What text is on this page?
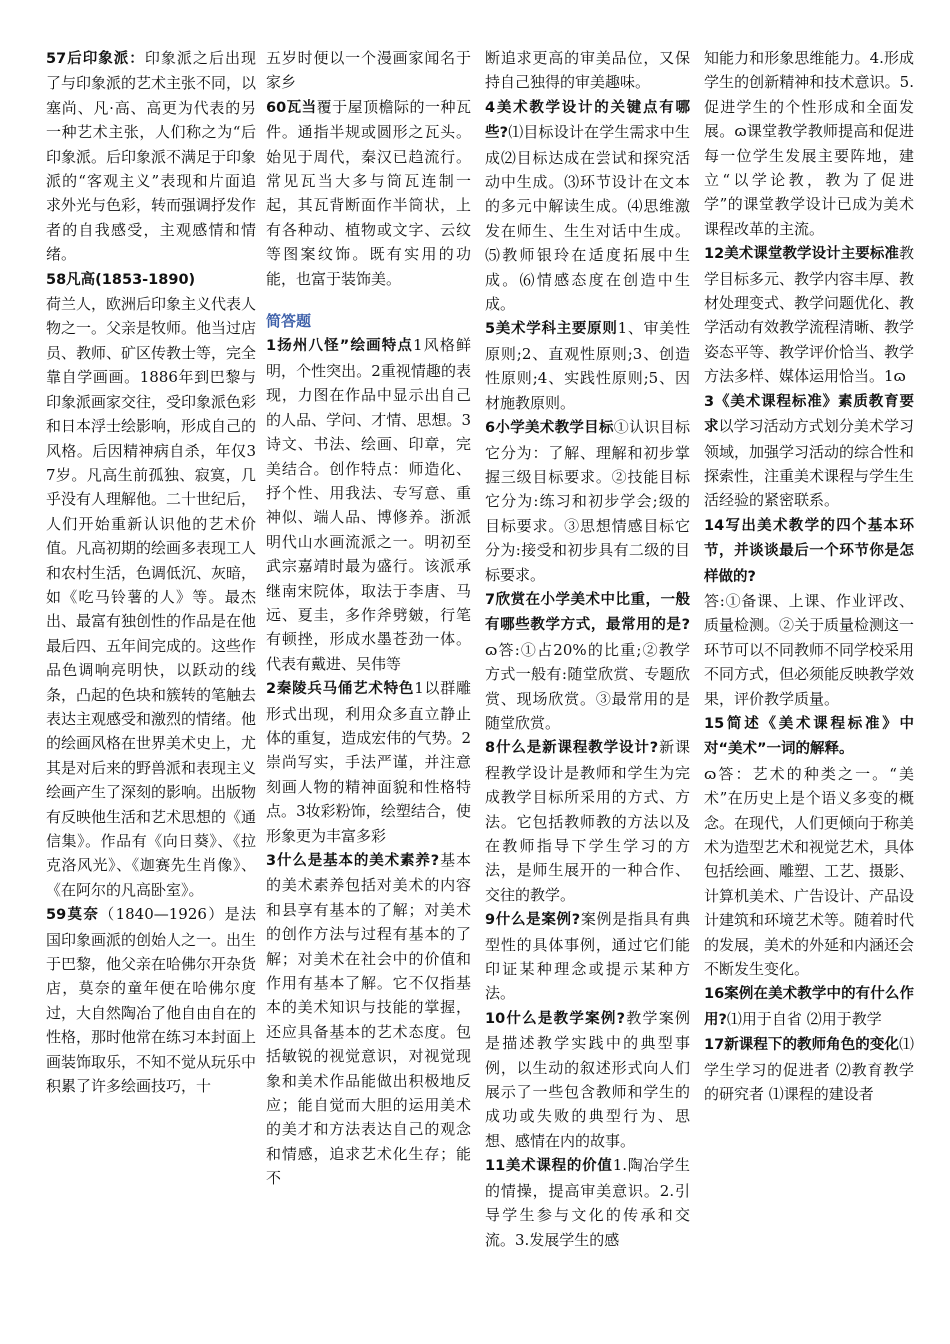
57后印象派：印象派之后出现了与印象派的艺术主张不同，以塞尚、凡·高、高更为代表的另一种艺术主张，人们称之为“后印象派。后印象派不满足于印象派的“客观主义”表现和片面追求外光与色彩，转而强调抒发作者的自我感受，主观感情和情绪。

58凡高(1853-1890)
荷兰人，欧洲后印象主义代表人物之一。父亲是牧师。他当过店员、教师、矿区传教士等，完全靠自学画画。1886年到巴黎与印象派画家交往，受印象派色彩和日本浮士绘影响，形成自己的风格。后因精神病自杀，年仅37岁。凡高生前孤独、寂寞，几乎没有人理解他。二十世纪后，人们开始重新认识他的艺术价值。凡高初期的绘画多表现工人和农村生活，色调低沉、灰暗，如《吃马铃薯的人》等。最杰出、最富有独创性的作品是在他最后四、五年间完成的。这些作品色调响亮明快，以跃动的线条，凸起的色块和簇转的笔触去表达主观感受和激烈的情绪。他的绘画风格在世界美术史上，尤其是对后来的野兽派和表现主义绘画产生了深刻的影响。出版物有反映他生活和艺术思想的《通信集》。作品有《向日葵》、《拉克洛风光》、《迦赛先生肖像》、《在阿尔的凡高卧室》。

59莫奈（1840—1926）是法国印象画派的创始人之一。出生于巴黎，他父亲在哈佛尔开杂货店，莫奈的童年便在哈佛尔度过，大自然陶冶了他自由自在的性格，那时他常在练习本封面上画装饰取乐，不知不觉从玩乐中积累了许多绘画技巧，十

五岁时便以一个漫画家闻名于家乡

60瓦当覆于屋顶檐际的一种瓦件。通指半规或圆形之瓦头。始见于周代，秦汉已趋流行。常见瓦当大多与筒瓦连制一起，其瓦背断面作半筒状，上有各种动、植物或文字、云纹等图案纹饰。既有实用的功能，也富于装饰美。

简答题

1扬州八怪”绘画特点1风格鲜明，个性突出。2重视情趣的表现，力图在作品中显示出自己的人品、学问、才情、思想。3诗文、书法、绘画、印章，完美结合。创作特点：师造化、抒个性、用我法、专写意、重神似、端人品、博修养。浙派明代山水画流派之一。明初至武宗嘉靖时最为盛行。该派承继南宋院体，取法于李唐、马远、夏圭，多作斧劈皴，行笔有顿挫，形成水墨苍劲一体。代表有戴进、吴伟等

2秦陵兵马俑艺术特色1以群雕形式出现，利用众多直立静止体的重复，造成宏伟的气势。2崇尚写实，手法严谨，并注意刻画人物的精神面貌和性格特点。3妆彩粉饰，绘塑结合，使形象更为丰富多彩

3什么是基本的美术素养?基本的美术素养包括对美术的内容和县享有基本的了解；对美术的创作方法与过程有基本的了解；对美术在社会中的价值和作用有基本了解。它不仅指基本的美术知识与技能的掌握，还应具备基本的艺术态度。包括敏锐的视觉意识，对视觉现象和美术作品能做出积极地反应；能自觉而大胆的运用美术的美才和方法表达自己的观念和情感，追求艺术化生存；能不

断追求更高的审美品位，又保持自己独得的审美趣味。

4美术教学设计的关键点有哪些?⑴目标设计在学生需求中生成⑵目标达成在尝试和探究活动中生成。⑶环节设计在文本的多元中解读生成。⑷思维激发在师生、生生对话中生成。⑸教师银玲在适度拓展中生成。⑹情感态度在创造中生成。

5美术学科主要原则1、审美性原则;2、直观性原则;3、创造性原则;4、实践性原则;5、因材施教原则。

6小学美术教学目标①认识目标它分为：了解、理解和初步掌握三级目标要求。②技能目标它分为:练习和初步学会;级的目标要求。③思想情感目标它分为:接受和初步具有二级的目标要求。

7欣赏在小学美术中比重，一般有哪些教学方式，最常用的是?ɷ答:①占20%的比重;②教学方式一般有:随堂欣赏、专题欣赏、现场欣赏。③最常用的是随堂欣赏。

8什么是新课程教学设计?新课程教学设计是教师和学生为完成教学目标所采用的方式、方法。它包括教师教的方法以及在教师指导下学生学习的方法，是师生展开的一种合作、交往的教学。

9什么是案例?案例是指具有典型性的具体事例，通过它们能印证某种理念或提示某种方法。

10什么是教学案例?教学案例是描述教学实践中的典型事例，以生动的叙述形式向人们展示了一些包含教师和学生的成功或失败的典型行为、思想、感情在内的故事。

11美术课程的价值1.陶冶学生的情操，提高审美意识。2.引导学生参与文化的传承和交流。3.发展学生的感

知能力和形象思维能力。4.形成学生的创新精神和技术意识。5.促进学生的个性形成和全面发展。ɷ课堂教学教师提高和促进每一位学生发展主要阵地，建立“以学论教，教为了促进学”的课堂教学设计已成为美术课程改革的主流。

12美术课堂教学设计主要标准教学目标多元、教学内容丰厚、教材处理变式、教学问题优化、教学活动有效教学流程清晰、教学姿态平等、教学评价恰当、教学方法多样、媒体运用恰当。1ɷ

3《美术课程标准》素质教育要求以学习活动方式划分美术学习领域，加强学习活动的综合性和探索性，注重美术课程与学生生活经验的紧密联系。

14写出美术教学的四个基本环节，并谈谈最后一个环节你是怎样做的?
答:①备课、上课、作业评改、质量检测。②关于质量检测这一环节可以不同教师不同学校采用不同方式，但必须能反映教学效果，评价教学质量。

15简述《美术课程标准》中对“美术”一词的解释。
ɷ答：艺术的种类之一。“美术”在历史上是个语义多变的概念。在现代，人们更倾向于称美术为造型艺术和视觉艺术，具体包括绘画、雕塑、工艺、摄影、计算机美术、广告设计、产品设计建筑和环境艺术等。随着时代的发展，美术的外延和内涵还会不断发生变化。

16案例在美术教学中的有什么作用?⑴用于自省 ⑵用于教学

17新课程下的教师角色的变化⑴学生学习的促进者 ⑵教育教学的研究者 ⑴课程的建设者
